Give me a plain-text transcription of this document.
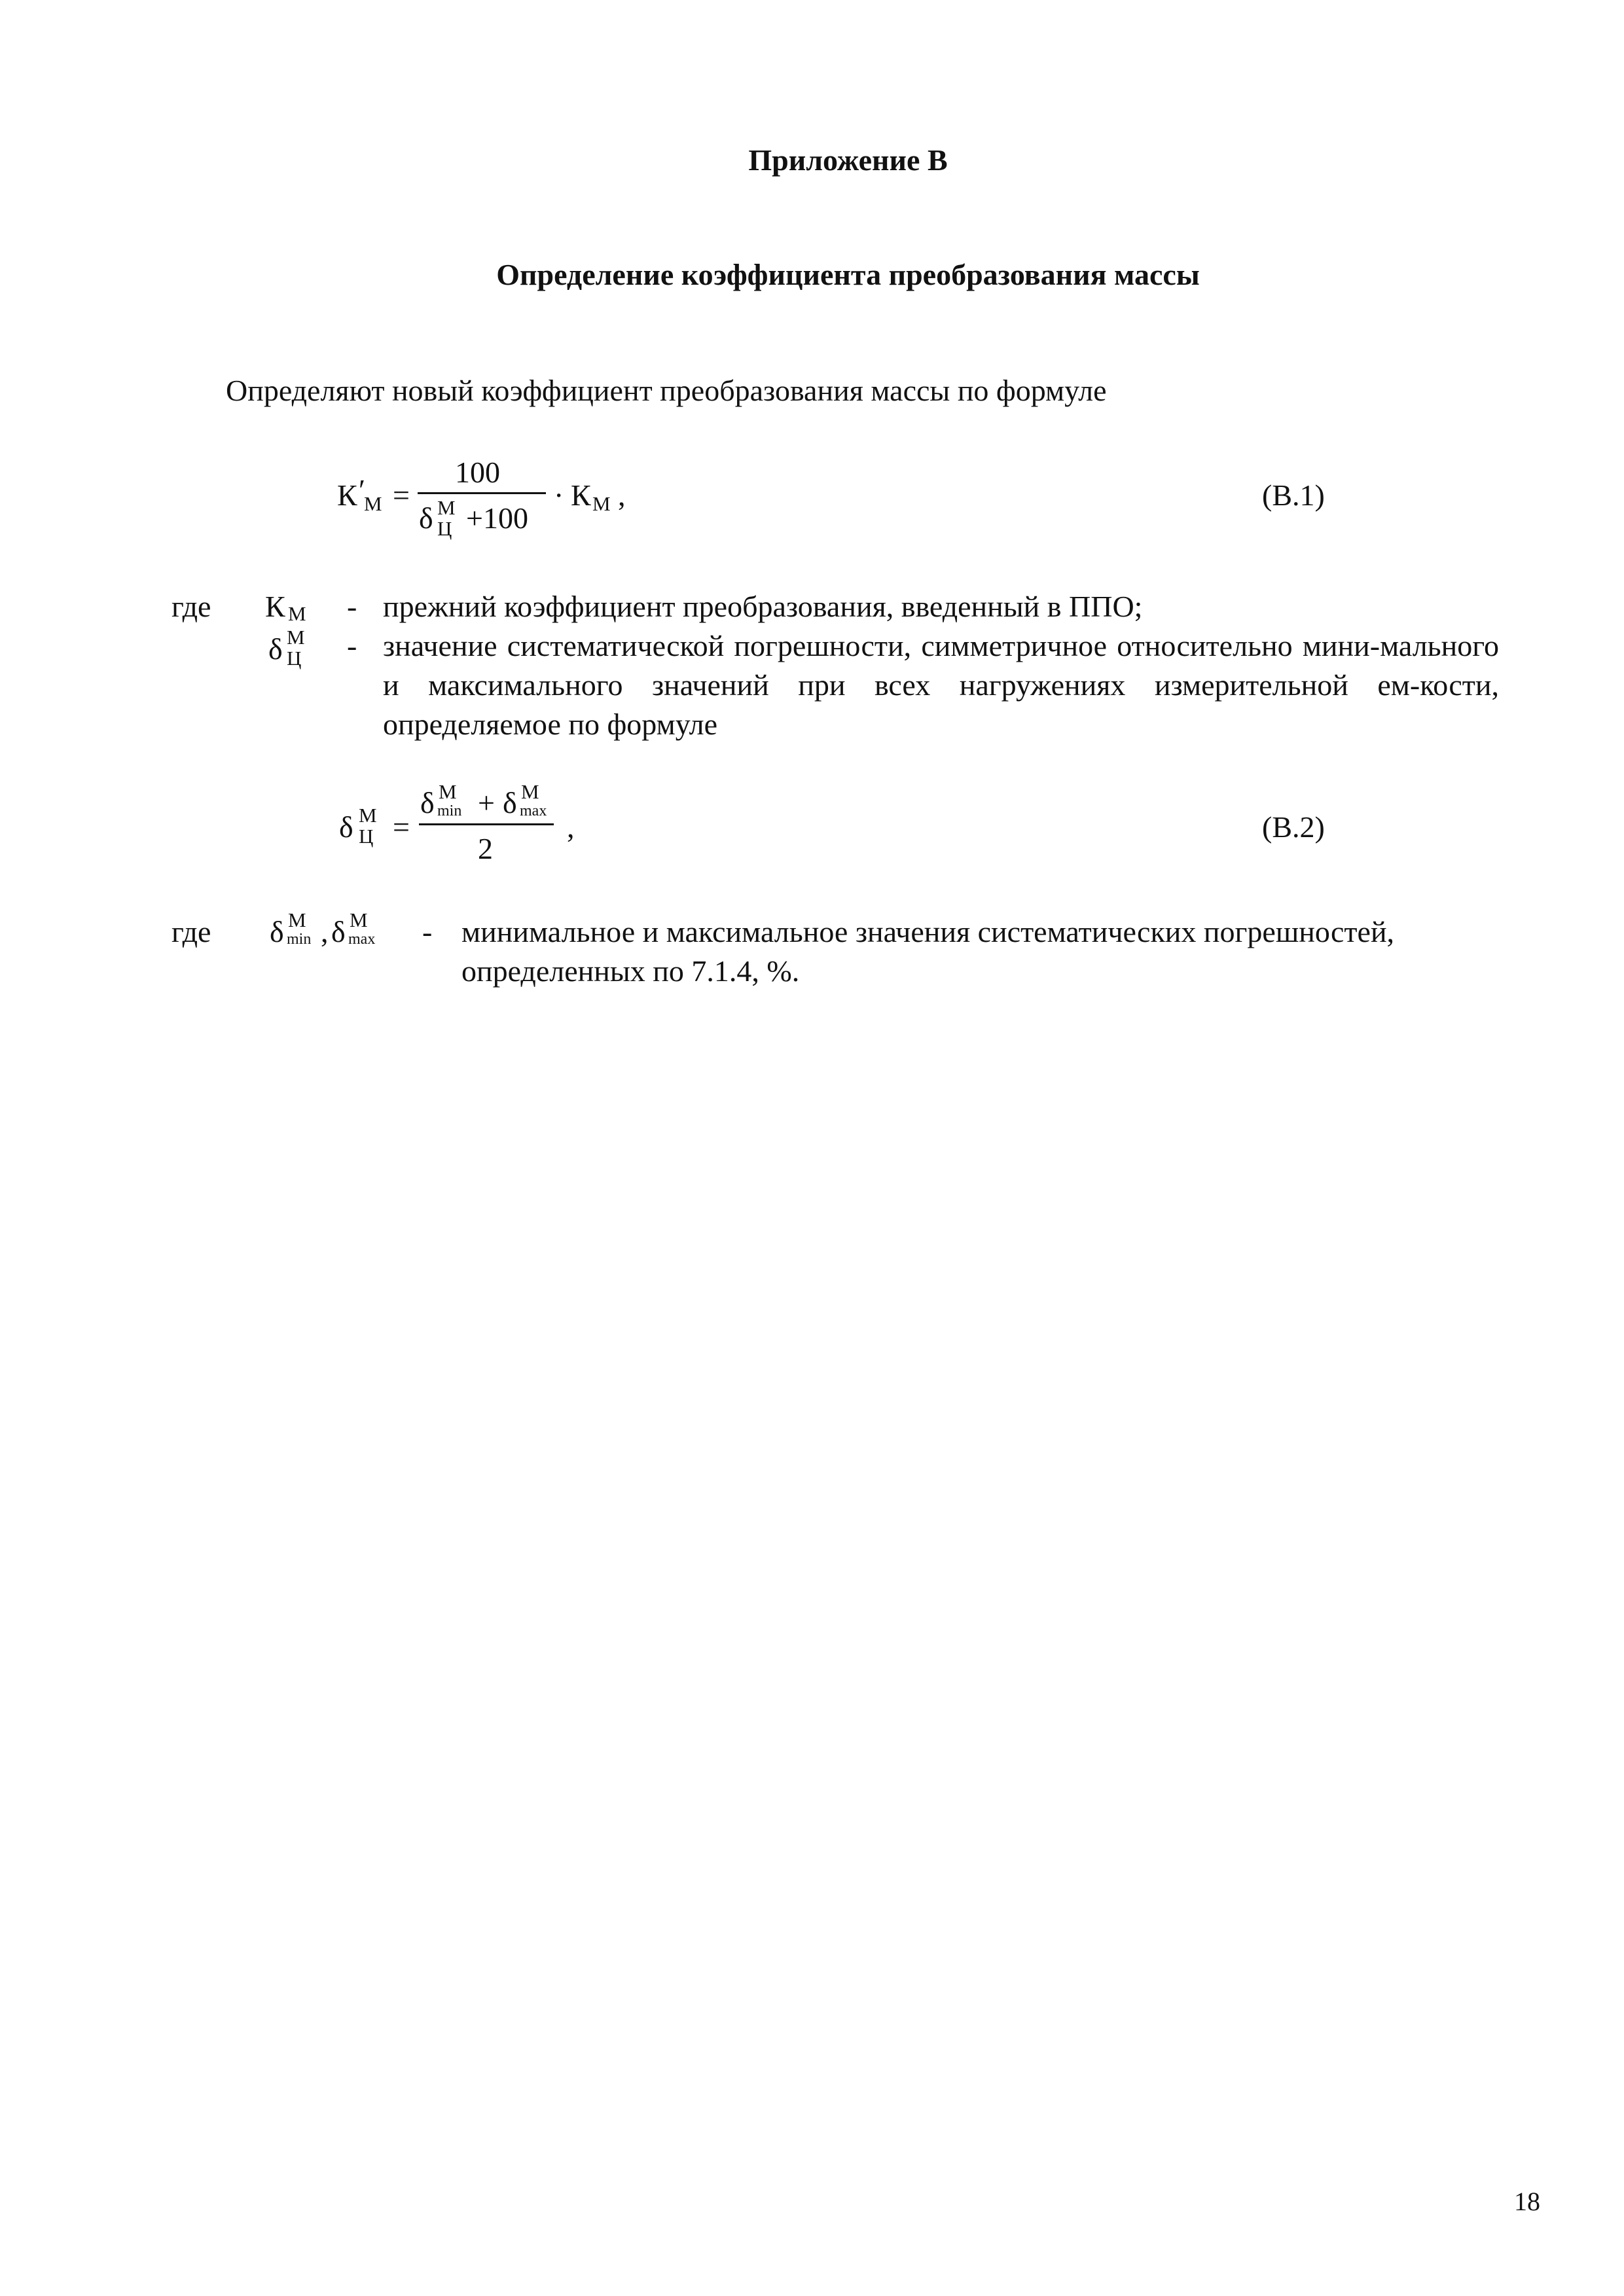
Приложение В
Определение коэффициента преобразования массы
Определяют новый коэффициент преобразования массы по формуле
К ′
М =
100
δ М
Ц +100
· К М ,	(В.1)
где К М - прежний коэффициент преобразования, введенный в ППО;
δ М
Ц - значение систематической погрешности, симметричное относительно мини-мального и максимального значений при всех нагружениях измерительной ем-кости, определяемое по формуле
δ М
Ц =
δ М
min + δ М
max
2
,	(В.2)
где δ М
min , δ М
max - минимальное и максимальное значения систематических погрешностей, определенных по 7.1.4, %.
18
